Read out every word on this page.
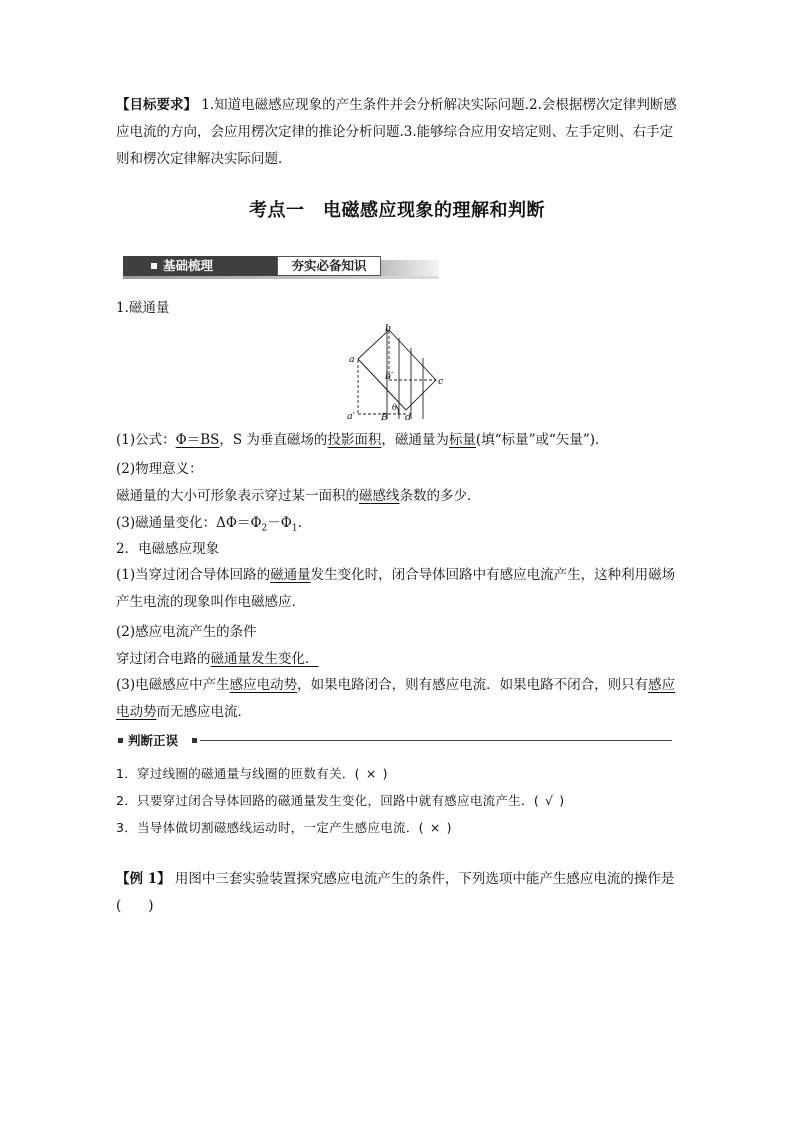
【目标要求】 1.知道电磁感应现象的产生条件并会分析解决实际问题.2.会根据楞次定律判断感应电流的方向，会应用楞次定律的推论分析问题.3.能够综合应用安培定则、左手定则、右手定则和楞次定律解决实际问题．
考点一　电磁感应现象的理解和判断
基础梳理	夯实必备知识
1.磁通量
a
b
b′	c
a′	B d
θ
(1)公式：Φ＝BS，S 为垂直磁场的投影面积，磁通量为标量(填“标量”或“矢量”)．
(2)物理意义：
磁通量的大小可形象表示穿过某一面积的磁感线条数的多少．
(3)磁通量变化：$\Delta\Phi=\Phi_2-\Phi_1$.
2．电磁感应现象
(1)当穿过闭合导体回路的磁通量发生变化时，闭合导体回路中有感应电流产生，这种利用磁场产生电流的现象叫作电磁感应．
(2)感应电流产生的条件
穿过闭合电路的磁通量发生变化．
(3)电磁感应中产生感应电动势，如果电路闭合，则有感应电流．如果电路不闭合，则只有感应电动势而无感应电流．
判断正误
1．穿过线圈的磁通量与线圈的匝数有关．( × )
2．只要穿过闭合导体回路的磁通量发生变化，回路中就有感应电流产生．( √ )
3．当导体做切割磁感线运动时，一定产生感应电流．( × )
【例 1】 用图中三套实验装置探究感应电流产生的条件，下列选项中能产生感应电流的操作是(　　)
